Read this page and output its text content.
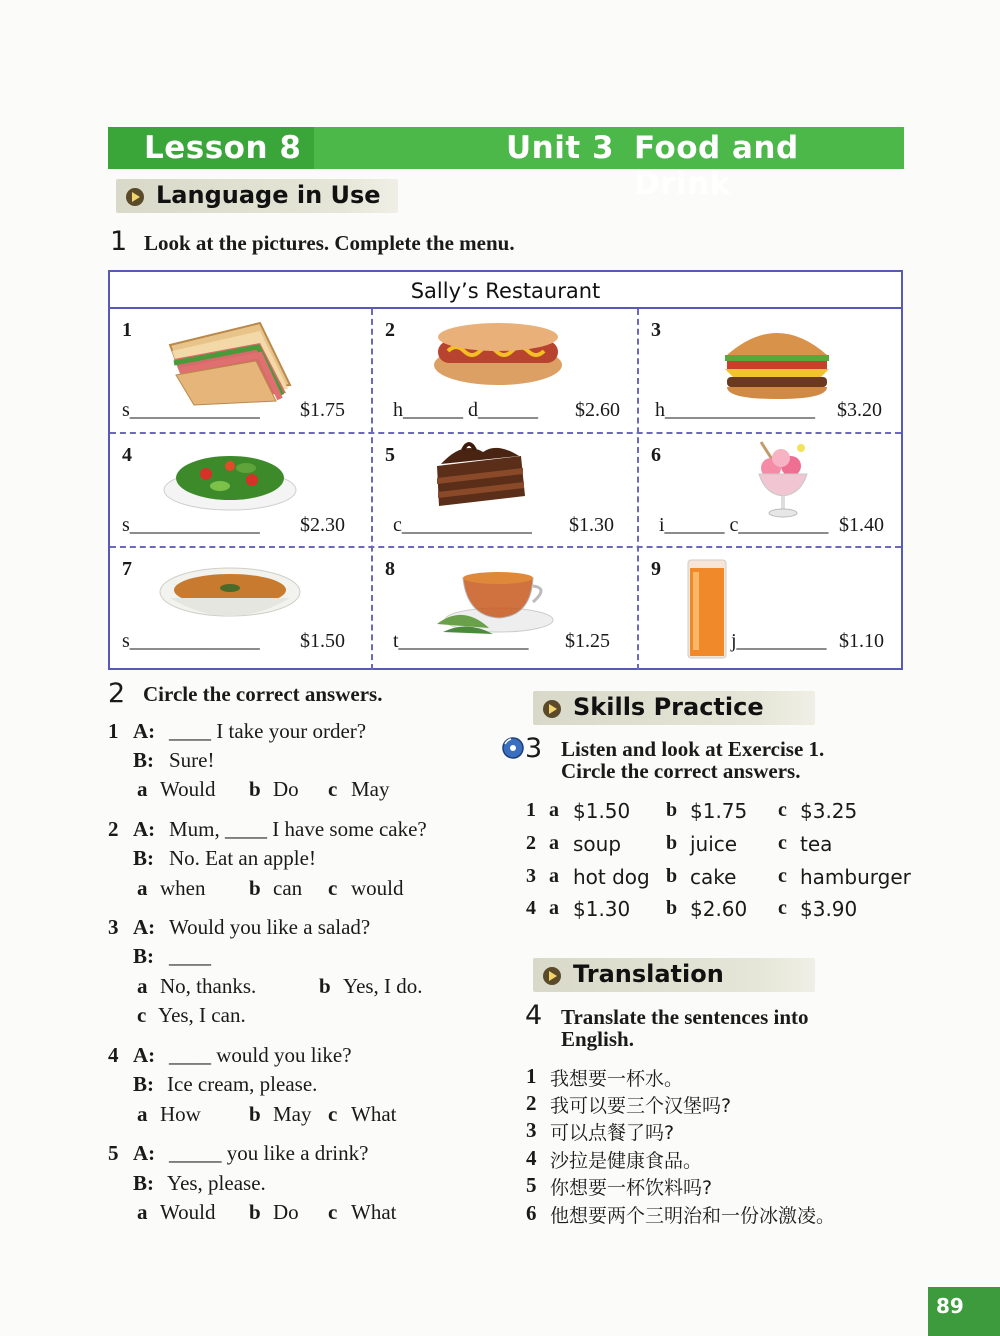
Lesson 8	Unit 3 Food and Drink
Language in Use
1 Look at the pictures. Complete the menu.
Sally’s Restaurant
1
s_____________ $1.75
2
h______ d______ $2.60
3
h_______________ $3.20
4
s_____________ $2.30
5
c_____________ $1.30
6
i______ c_________ $1.40
7
s_____________ $1.50
8
t_____________ $1.25
9
j_________ $1.10
2 Circle the correct answers.
1 A: ____ I take your order?
B: Sure!
a Would b Do c May
2 A: Mum, ____ I have some cake?
B: No. Eat an apple!
a when b can c would
3 A: Would you like a salad?
B: ____
a No, thanks.	b Yes, I do.
c Yes, I can.
4 A: ____ would you like?
B: Ice cream, please.
a How b May c What
5 A: _____ you like a drink?
B: Yes, please.
a Would b Do c What
Skills Practice
3 Listen and look at Exercise 1.
Circle the correct answers.
1 a $1.50 b $1.75 c $3.25
2 a soup b juice c tea
3 a hot dog b cake c hamburger
4 a $1.30 b $2.60 c $3.90
Translation
4 Translate the sentences into
English.
1 我想要一杯水。
2 我可以要三个汉堡吗?
3 可以点餐了吗?
4 沙拉是健康食品。
5 你想要一杯饮料吗?
6 他想要两个三明治和一份冰激凌。
89
